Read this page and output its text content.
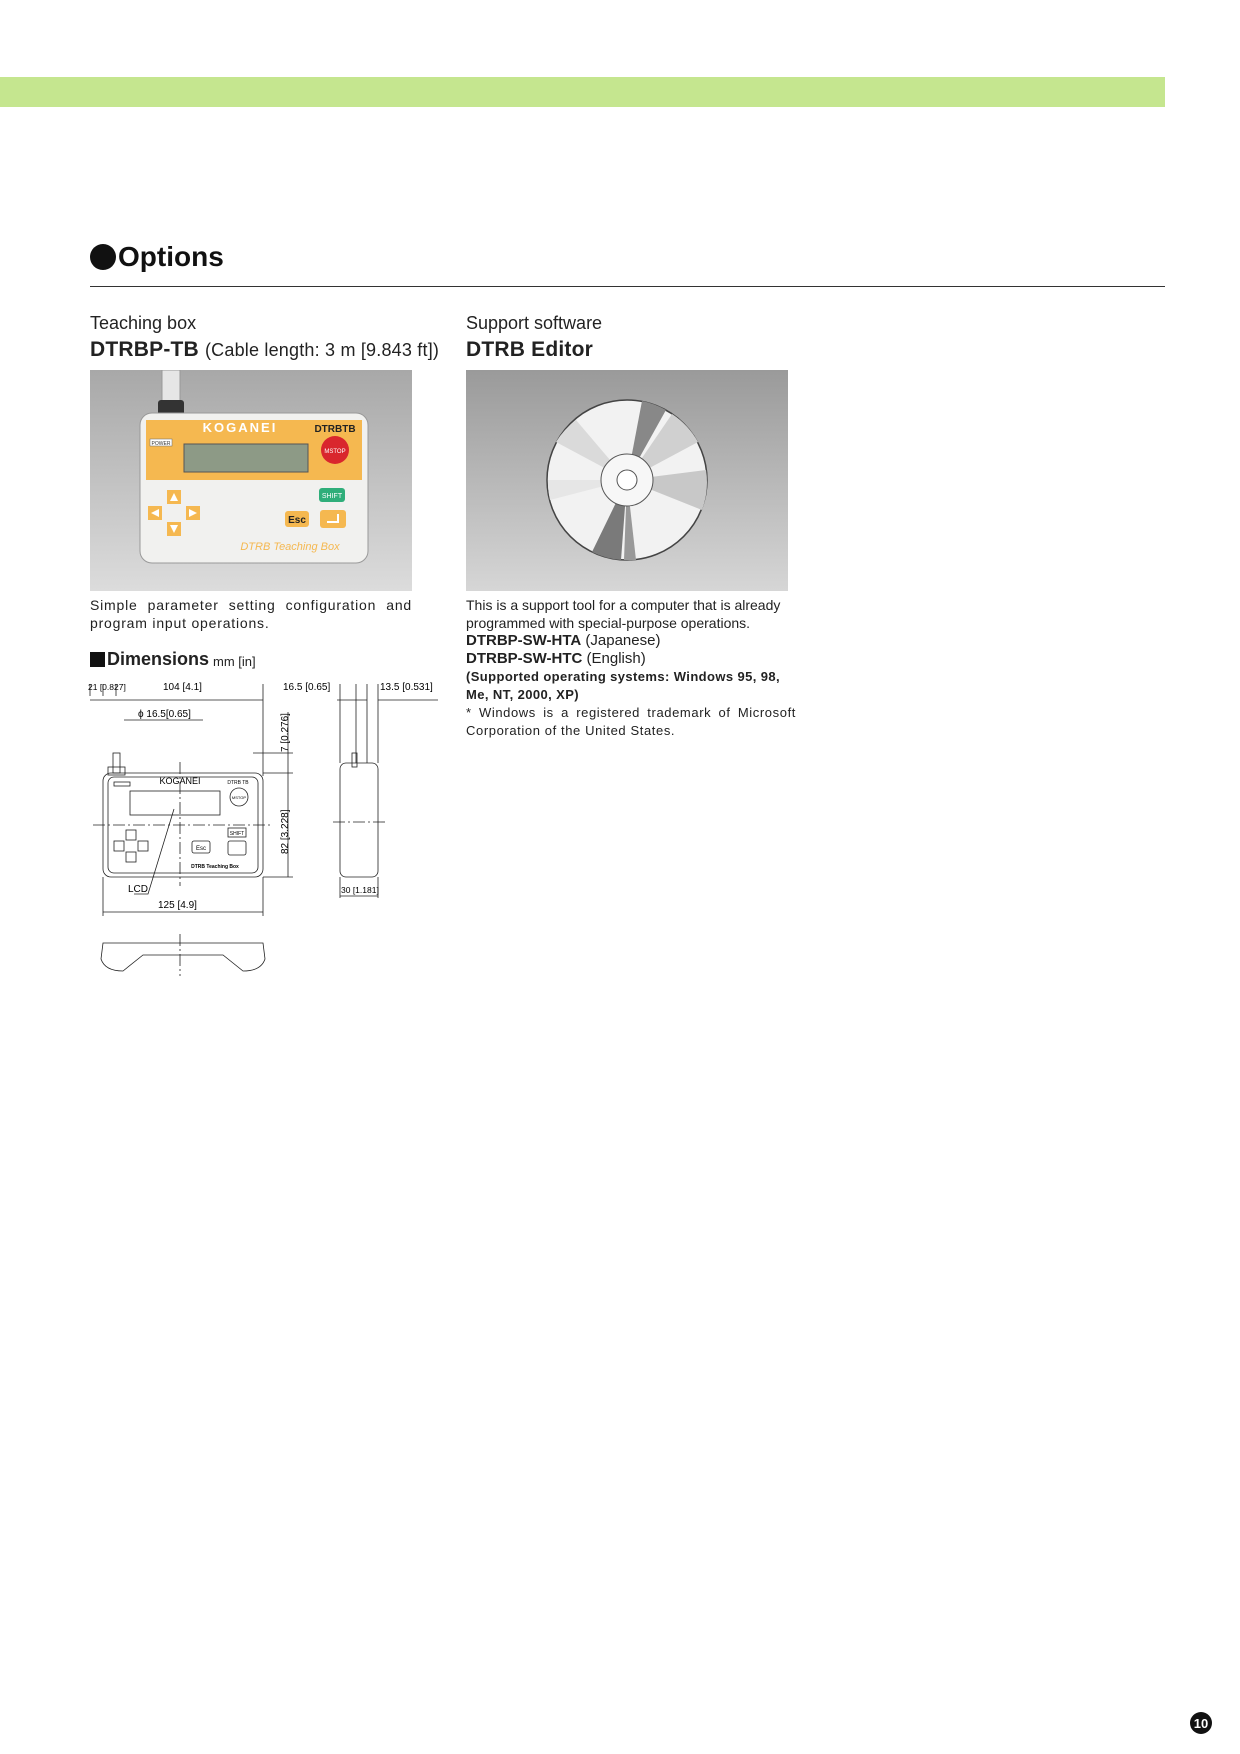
Options
Teaching box
DTRBP-TB (Cable length: 3 m [9.843 ft])
KOGANEI	DTRBTB
POWER
MSTOP
SHIFT
Esc
DTRB Teaching Box
Simple parameter setting configuration and program input operations.
Dimensions mm [in]
21 [0.827]	104 [4.1]	16.5 [0.65]	13.5 [0.531]
ϕ 16.5[0.65]	7 [0.276]
82 [3.228]
125 [4.9]
30 [1.181]
LCD
KOGANEI	DTRB TB
MSTOP
SHIFT
Esc
DTRB Teaching Box
Support software
DTRB Editor
This is a support tool for a computer that is already programmed with special-purpose operations.
DTRBP-SW-HTA (Japanese)
DTRBP-SW-HTC (English)
(Supported operating systems: Windows 95, 98, Me, NT, 2000, XP)
* Windows is a registered trademark of Microsoft Corporation of the United States.
10
